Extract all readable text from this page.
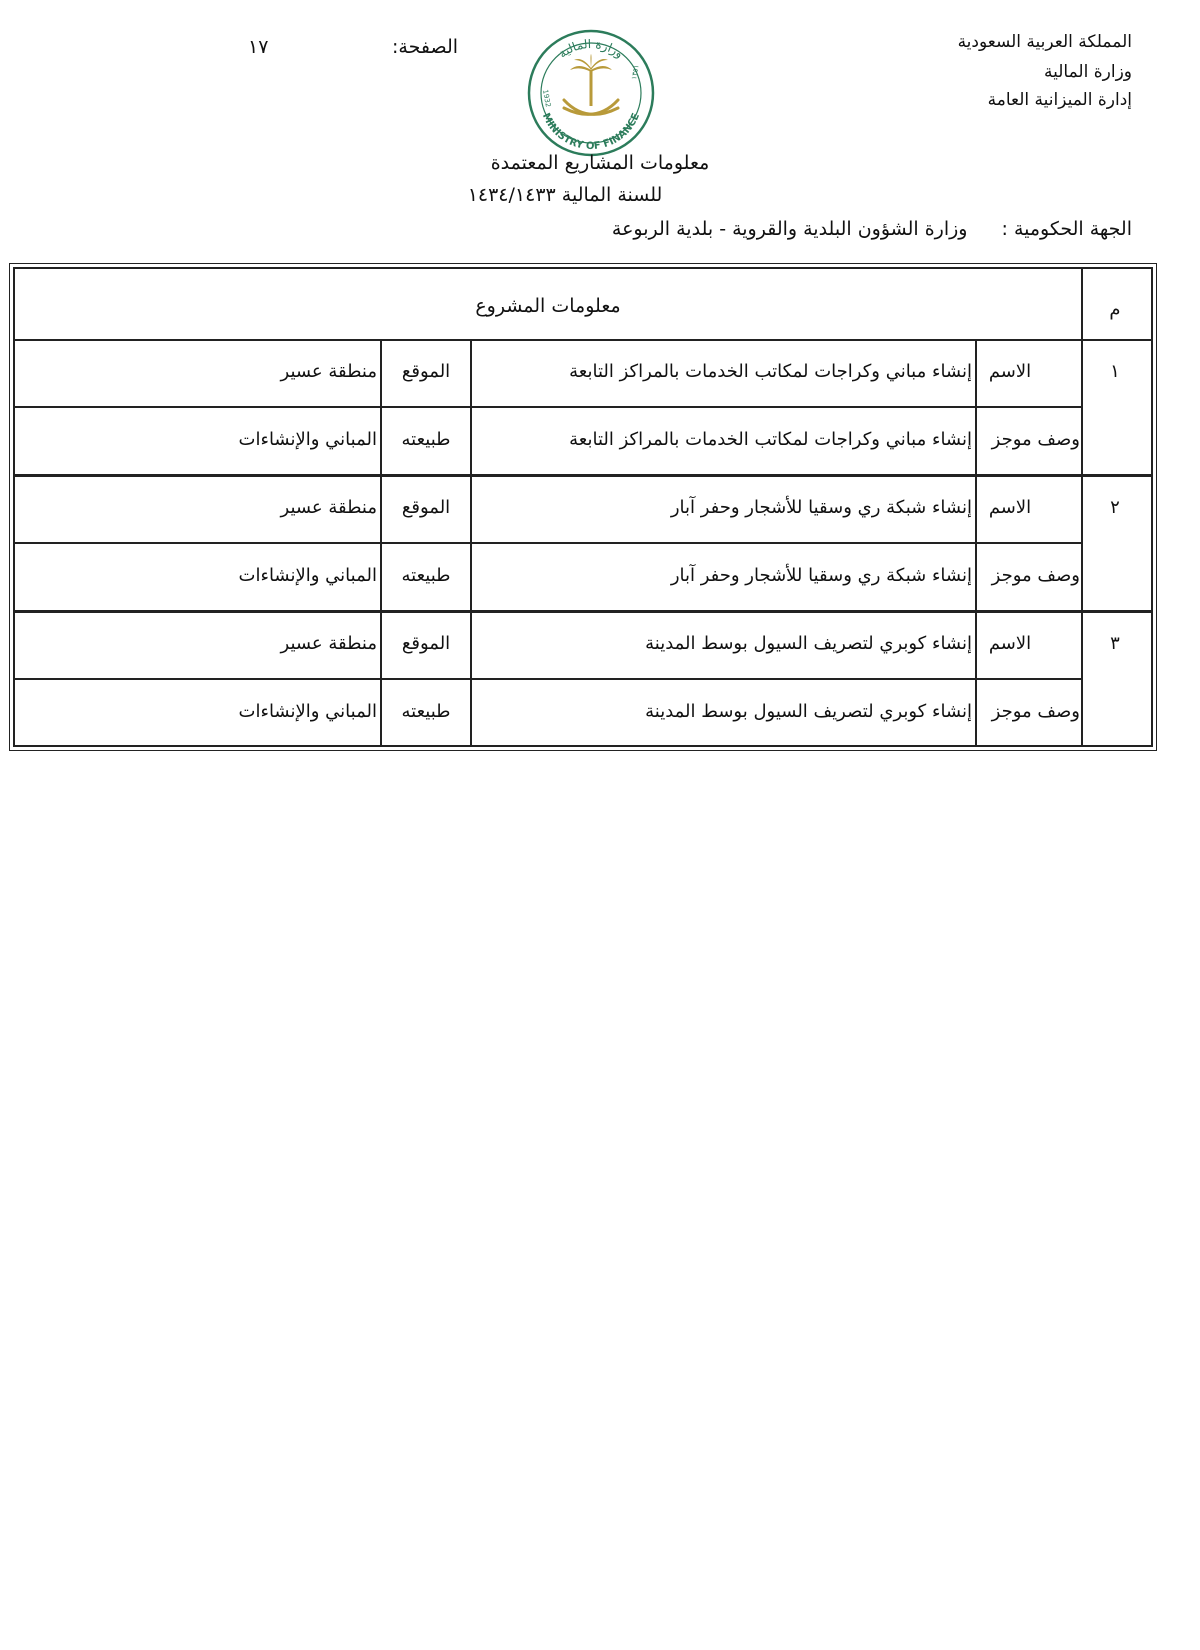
المملكة العربية السعودية
وزارة المالية
إدارة الميزانية العامة
الصفحة:
١٧	وزارة المالية
MINISTRY OF FINANCE
1932
١٣٥١
معلومات المشاريع المعتمدة
للسنة المالية ١٤٣٤/١٤٣٣
الجهة الحكومية : وزارة الشؤون البلدية والقروية - بلدية الربوعة
م
معلومات المشروع
١
الاسم
إنشاء مباني وكراجات لمكاتب الخدمات بالمراكز التابعة
الموقع
منطقة عسير
وصف موجز
إنشاء مباني وكراجات لمكاتب الخدمات بالمراكز التابعة
طبيعته
المباني والإنشاءات
٢
الاسم
إنشاء شبكة ري وسقيا للأشجار وحفر آبار
الموقع
منطقة عسير
وصف موجز
إنشاء شبكة ري وسقيا للأشجار وحفر آبار
طبيعته
المباني والإنشاءات
٣
الاسم
إنشاء كوبري لتصريف السيول بوسط المدينة
الموقع
منطقة عسير
وصف موجز
إنشاء كوبري لتصريف السيول بوسط المدينة
طبيعته
المباني والإنشاءات
